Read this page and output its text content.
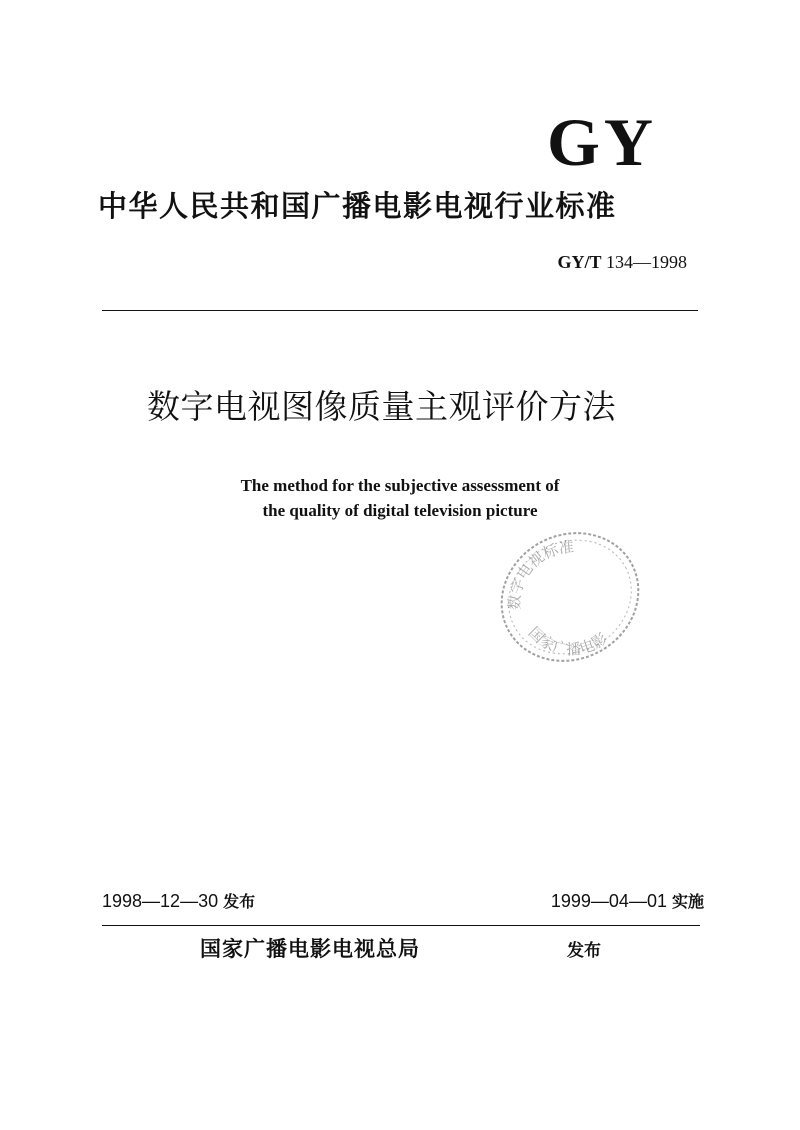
GY
中华人民共和国广播电影电视行业标准
GY/T 134—1998
数字电视图像质量主观评价方法
The method for the subjective assessment of
the quality of digital television picture
数字电视标准
国家广播电影
1998—12—30 发布	1999—04—01 实施
国家广播电影电视总局	发布
